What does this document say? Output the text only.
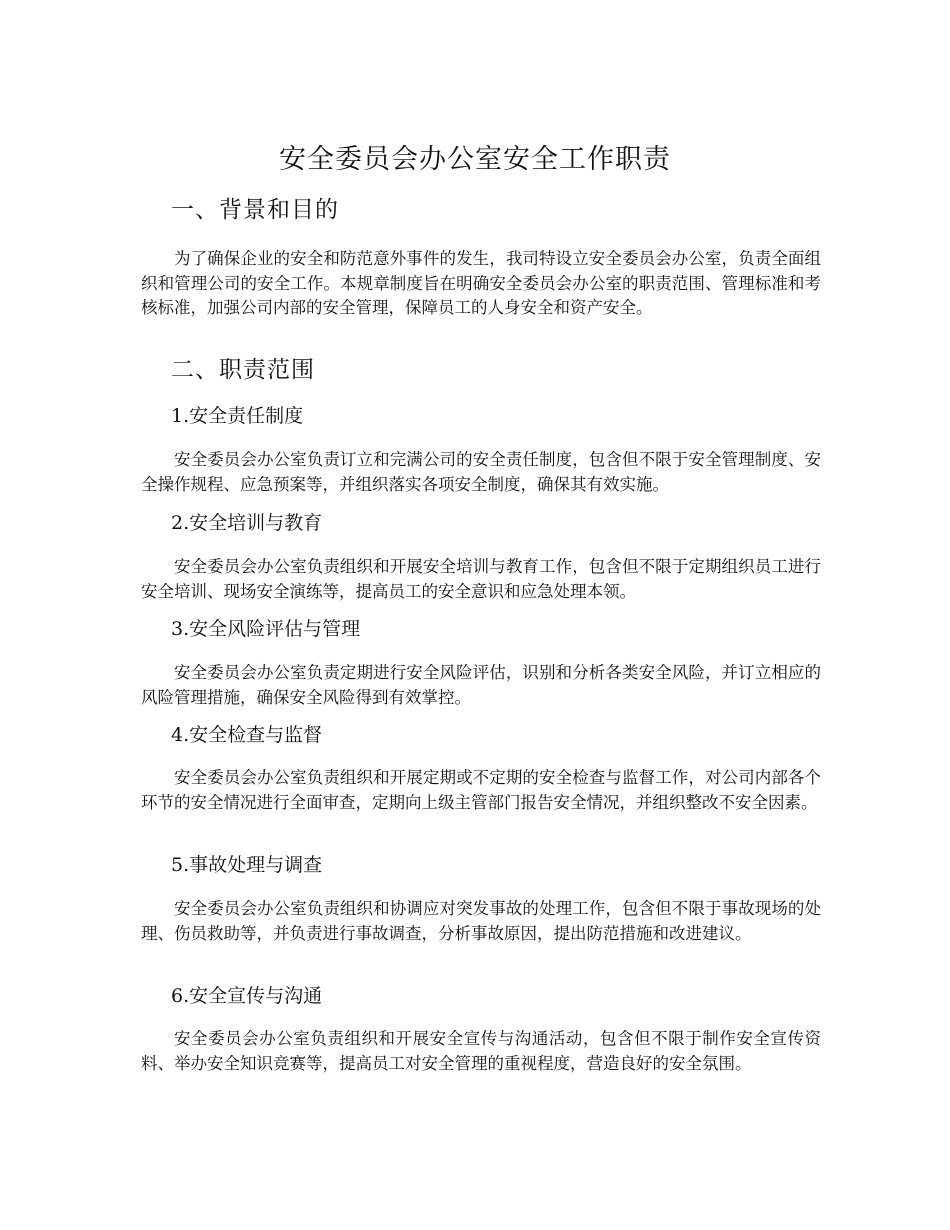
安全委员会办公室安全工作职责
一、背景和目的

为了确保企业的安全和防范意外事件的发生，我司特设立安全委员会办公室，负责全面组织和管理公司的安全工作。本规章制度旨在明确安全委员会办公室的职责范围、管理标准和考核标准，加强公司内部的安全管理，保障员工的人身安全和资产安全。

二、职责范围
1.安全责任制度

安全委员会办公室负责订立和完满公司的安全责任制度，包含但不限于安全管理制度、安全操作规程、应急预案等，并组织落实各项安全制度，确保其有效实施。

2.安全培训与教育

安全委员会办公室负责组织和开展安全培训与教育工作，包含但不限于定期组织员工进行安全培训、现场安全演练等，提高员工的安全意识和应急处理本领。

3.安全风险评估与管理

安全委员会办公室负责定期进行安全风险评估，识别和分析各类安全风险，并订立相应的风险管理措施，确保安全风险得到有效掌控。

4.安全检查与监督

安全委员会办公室负责组织和开展定期或不定期的安全检查与监督工作，对公司内部各个环节的安全情况进行全面审查，定期向上级主管部门报告安全情况，并组织整改不安全因素。

5.事故处理与调查

安全委员会办公室负责组织和协调应对突发事故的处理工作，包含但不限于事故现场的处理、伤员救助等，并负责进行事故调查，分析事故原因，提出防范措施和改进建议。

6.安全宣传与沟通

安全委员会办公室负责组织和开展安全宣传与沟通活动，包含但不限于制作安全宣传资料、举办安全知识竞赛等，提高员工对安全管理的重视程度，营造良好的安全氛围。
